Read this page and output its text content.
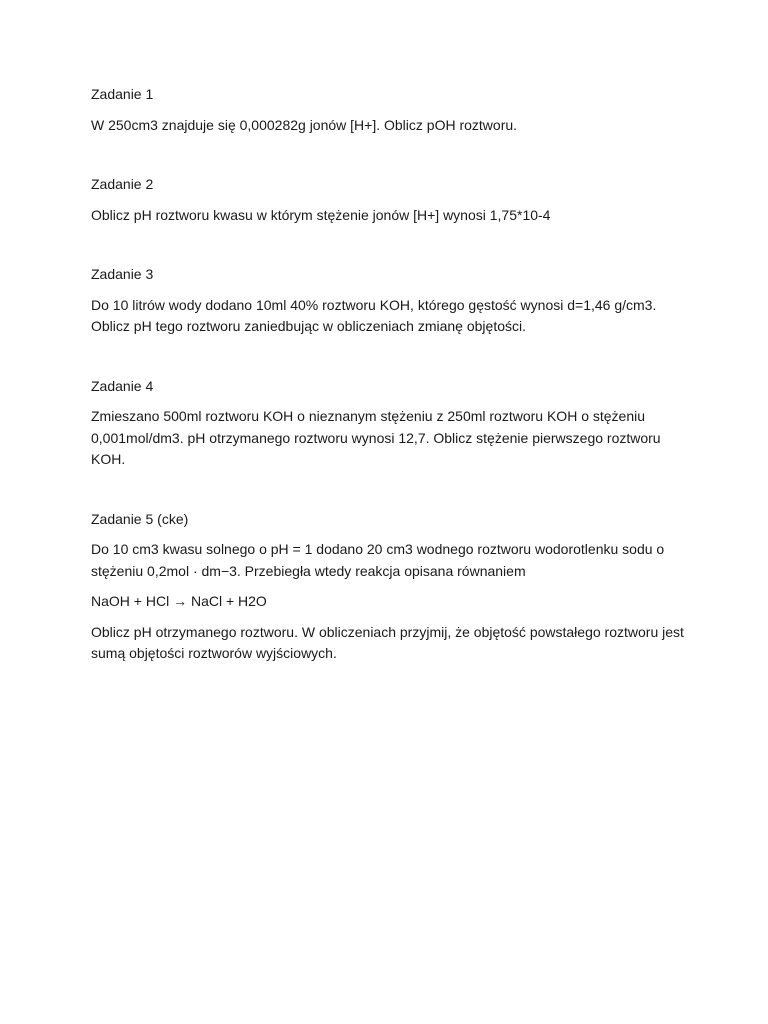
Zadanie 1
W 250cm3 znajduje się 0,000282g jonów [H+]. Oblicz pOH roztworu.
Zadanie 2
Oblicz pH roztworu kwasu w którym stężenie jonów [H+] wynosi 1,75*10-4
Zadanie 3
Do 10 litrów wody dodano 10ml 40% roztworu KOH, którego gęstość wynosi d=1,46 g/cm3. Oblicz pH tego roztworu zaniedbując w obliczeniach zmianę objętości.
Zadanie 4
Zmieszano 500ml roztworu KOH o nieznanym stężeniu z 250ml roztworu KOH o stężeniu 0,001mol/dm3. pH otrzymanego roztworu wynosi 12,7. Oblicz stężenie pierwszego roztworu KOH.
Zadanie 5 (cke)
Do 10 cm3 kwasu solnego o pH = 1 dodano 20 cm3 wodnego roztworu wodorotlenku sodu o stężeniu 0,2mol · dm−3. Przebiegła wtedy reakcja opisana równaniem
NaOH + HCl → NaCl + H2O
Oblicz pH otrzymanego roztworu. W obliczeniach przyjmij, że objętość powstałego roztworu jest sumą objętości roztworów wyjściowych.
